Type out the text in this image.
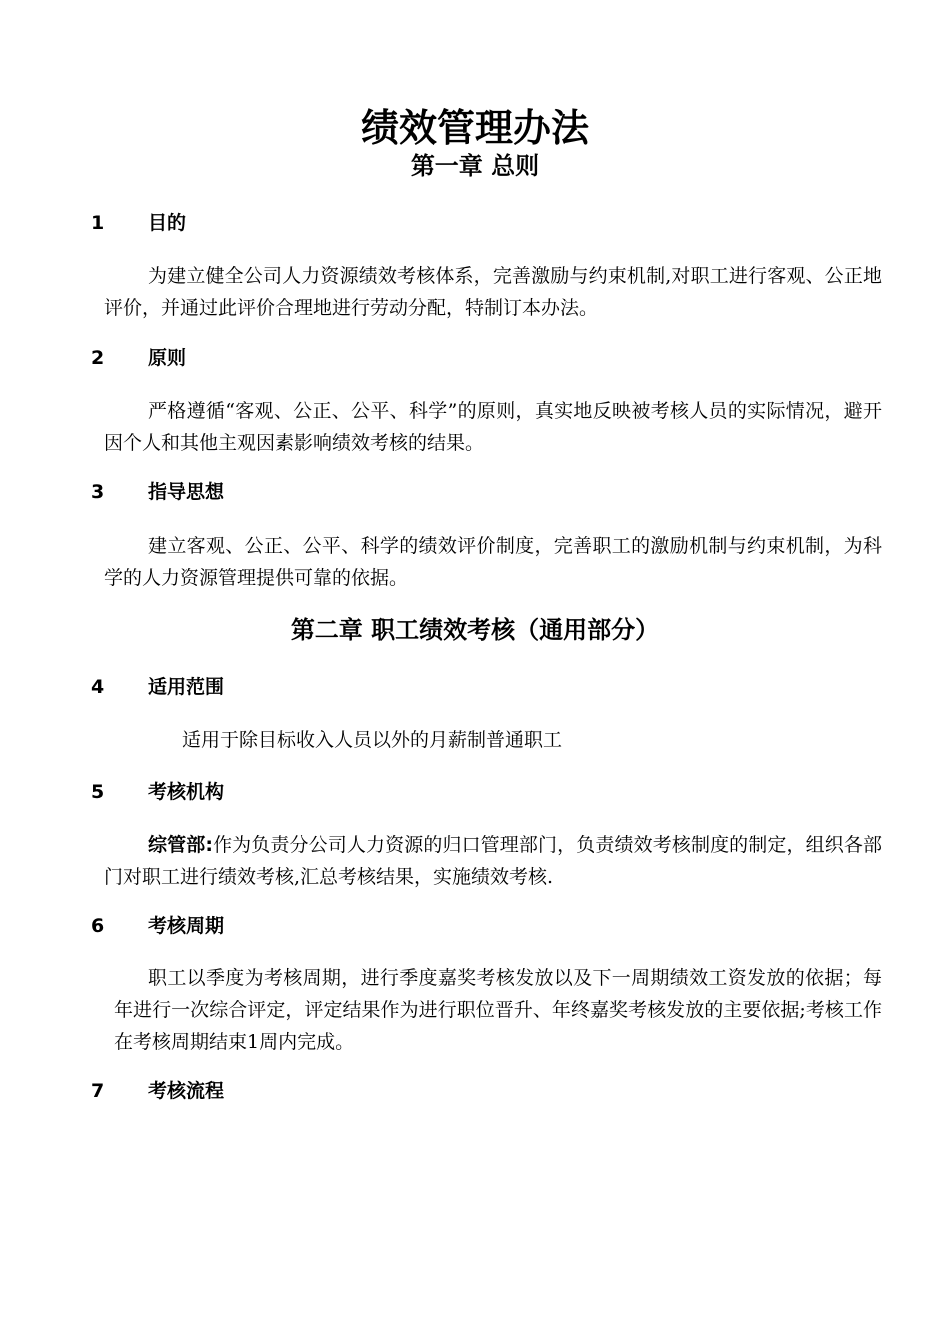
绩效管理办法
第一章 总则
1 目的
为建立健全公司人力资源绩效考核体系，完善激励与约束机制,对职工进行客观、公正地评价，并通过此评价合理地进行劳动分配，特制订本办法。
2 原则
严格遵循“客观、公正、公平、科学”的原则，真实地反映被考核人员的实际情况，避开因个人和其他主观因素影响绩效考核的结果。
3 指导思想
建立客观、公正、公平、科学的绩效评价制度，完善职工的激励机制与约束机制，为科学的人力资源管理提供可靠的依据。
第二章 职工绩效考核（通用部分）
4 适用范围
适用于除目标收入人员以外的月薪制普通职工
5 考核机构
综管部:作为负责分公司人力资源的归口管理部门，负责绩效考核制度的制定，组织各部门对职工进行绩效考核,汇总考核结果，实施绩效考核.
6 考核周期
职工以季度为考核周期，进行季度嘉奖考核发放以及下一周期绩效工资发放的依据；每年进行一次综合评定，评定结果作为进行职位晋升、年终嘉奖考核发放的主要依据;考核工作在考核周期结束1周内完成。
7 考核流程
